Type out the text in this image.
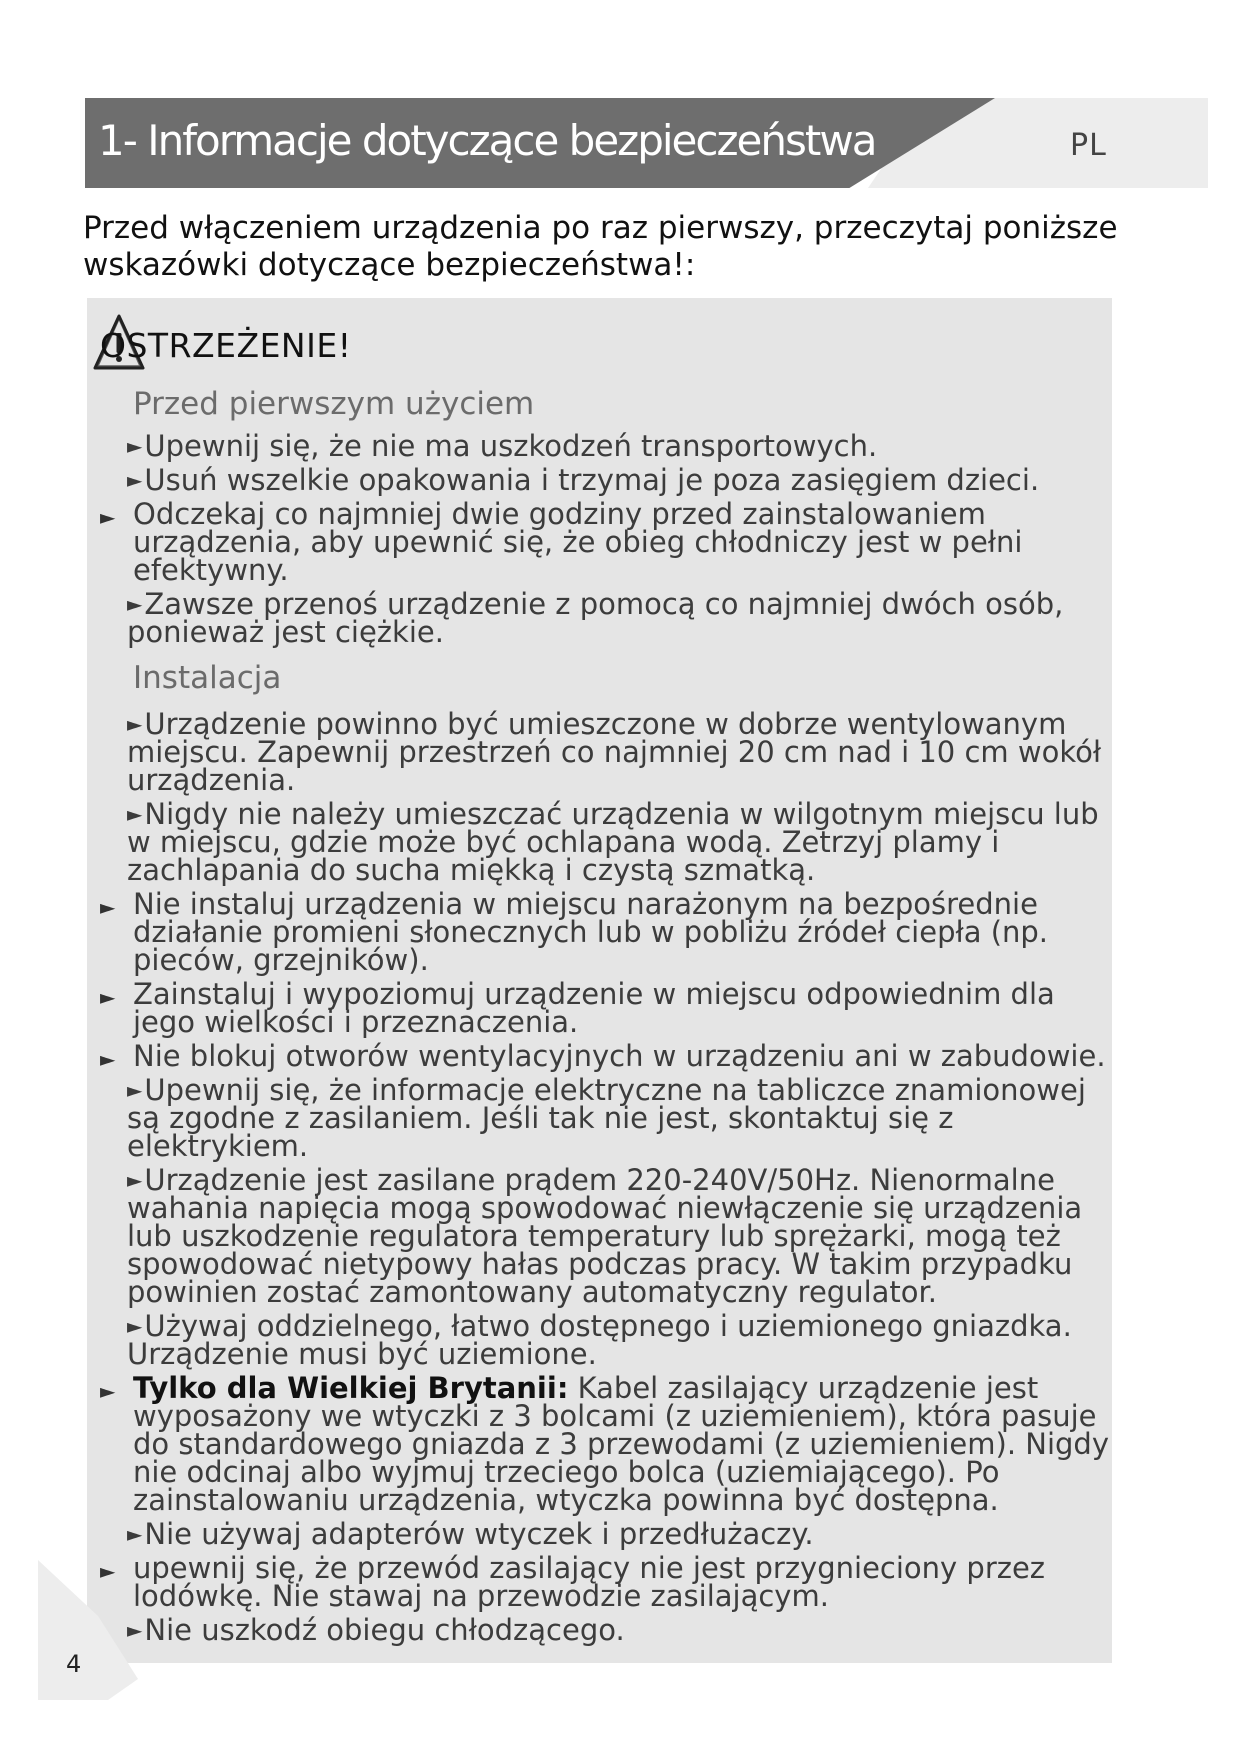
1- Informacje dotyczące bezpieczeństwa	PL
Przed włączeniem urządzenia po raz pierwszy, przeczytaj poniższe wskazówki dotyczące bezpieczeństwa!:
OSTRZEŻENIE!
Przed pierwszym użyciem
►Upewnij się, że nie ma uszkodzeń transportowych.
►Usuń wszelkie opakowania i trzymaj je poza zasięgiem dzieci.
► Odczekaj co najmniej dwie godziny przed zainstalowaniem urządzenia, aby upewnić się, że obieg chłodniczy jest w pełni efektywny.
►Zawsze przenoś urządzenie z pomocą co najmniej dwóch osób, ponieważ jest ciężkie.
Instalacja
►Urządzenie powinno być umieszczone w dobrze wentylowanym miejscu. Zapewnij przestrzeń co najmniej 20 cm nad i 10 cm wokół urządzenia.
►Nigdy nie należy umieszczać urządzenia w wilgotnym miejscu lub w miejscu, gdzie może być ochlapana wodą. Zetrzyj plamy i zachlapania do sucha miękką i czystą szmatką.
► Nie instaluj urządzenia w miejscu narażonym na bezpośrednie działanie promieni słonecznych lub w pobliżu źródeł ciepła (np. pieców, grzejników).
► Zainstaluj i wypoziomuj urządzenie w miejscu odpowiednim dla jego wielkości i przeznaczenia.
► Nie blokuj otworów wentylacyjnych w urządzeniu ani w zabudowie.
►Upewnij się, że informacje elektryczne na tabliczce znamionowej są zgodne z zasilaniem. Jeśli tak nie jest, skontaktuj się z elektrykiem.
►Urządzenie jest zasilane prądem 220-240V/50Hz. Nienormalne wahania napięcia mogą spowodować niewłączenie się urządzenia lub uszkodzenie regulatora temperatury lub sprężarki, mogą też spowodować nietypowy hałas podczas pracy. W takim przypadku powinien zostać zamontowany automatyczny regulator.
►Używaj oddzielnego, łatwo dostępnego i uziemionego gniazdka. Urządzenie musi być uziemione.
► Tylko dla Wielkiej Brytanii: Kabel zasilający urządzenie jest wyposażony we wtyczki z 3 bolcami (z uziemieniem), która pasuje do standardowego gniazda z 3 przewodami (z uziemieniem). Nigdy nie odcinaj albo wyjmuj trzeciego bolca (uziemiającego). Po zainstalowaniu urządzenia, wtyczka powinna być dostępna.
►Nie używaj adapterów wtyczek i przedłużaczy.
► upewnij się, że przewód zasilający nie jest przygnieciony przez lodówkę. Nie stawaj na przewodzie zasilającym.
►Nie uszkodź obiegu chłodzącego.
4
